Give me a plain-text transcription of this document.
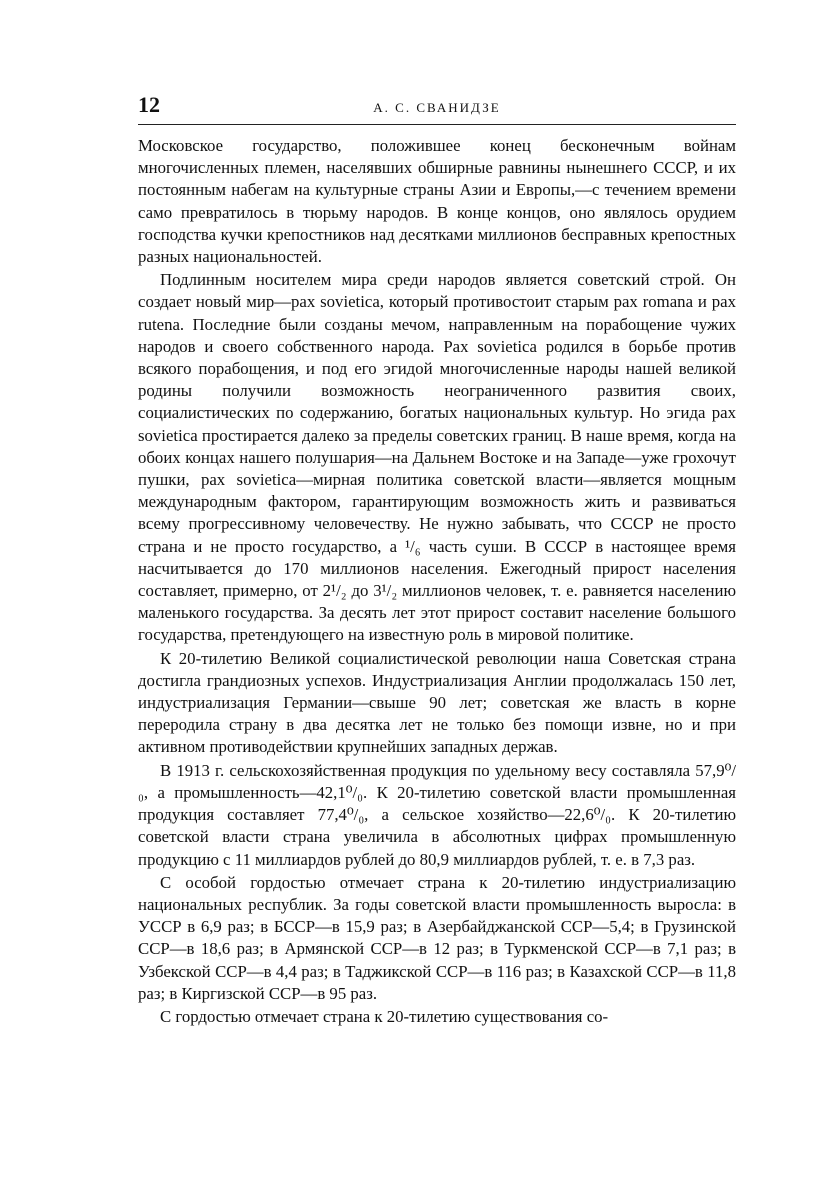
12	А. С. СВАНИДЗЕ

Московское государство, положившее конец бесконечным войнам многочисленных племен, населявших обширные равнины нынешнего СССР, и их постоянным набегам на культурные страны Азии и Европы,—с течением времени само превратилось в тюрьму народов. В конце концов, оно являлось орудием господства кучки крепостников над десятками миллионов бесправных крепостных разных национальностей.

Подлинным носителем мира среди народов является советский строй. Он создает новый мир—pax sovietica, который противостоит старым pax romana и pax rutena. Последние были созданы мечом, направленным на порабощение чужих народов и своего собственного народа. Pax sovietica родился в борьбе против всякого порабощения, и под его эгидой многочисленные народы нашей великой родины получили возможность неограниченного развития своих, социалистических по содержанию, богатых национальных культур. Но эгида pax sovietica простирается далеко за пределы советских границ. В наше время, когда на обоих концах нашего полушария—на Дальнем Востоке и на Западе—уже грохочут пушки, pax sovietica—мирная политика советской власти—является мощным международным фактором, гарантирующим возможность жить и развиваться всему прогрессивному человечеству. Не нужно забывать, что СССР не просто страна и не просто государство, а ¹/₆ часть суши. В СССР в настоящее время насчитывается до 170 миллионов населения. Ежегодный прирост населения составляет, примерно, от 2¹/₂ до 3¹/₂ миллионов человек, т. е. равняется населению маленького государства. За десять лет этот прирост составит население большого государства, претендующего на известную роль в мировой политике.

К 20-тилетию Великой социалистической революции наша Советская страна достигла грандиозных успехов. Индустриализация Англии продолжалась 150 лет, индустриализация Германии—свыше 90 лет; советская же власть в корне переродила страну в два десятка лет не только без помощи извне, но и при активном противодействии крупнейших западных держав.

В 1913 г. сельскохозяйственная продукция по удельному весу составляла 57,9⁰/₀, а промышленность—42,1⁰/₀. К 20-тилетию советской власти промышленная продукция составляет 77,4⁰/₀, а сельское хозяйство—22,6⁰/₀. К 20-тилетию советской власти страна увеличила в абсолютных цифрах промышленную продукцию с 11 миллиардов рублей до 80,9 миллиардов рублей, т. е. в 7,3 раз.

С особой гордостью отмечает страна к 20-тилетию индустриализацию национальных республик. За годы советской власти промышленность выросла: в УССР в 6,9 раз; в БССР—в 15,9 раз; в Азербайджанской ССР—5,4; в Грузинской ССР—в 18,6 раз; в Армянской ССР—в 12 раз; в Туркменской ССР—в 7,1 раз; в Узбекской ССР—в 4,4 раз; в Таджикской ССР—в 116 раз; в Казахской ССР—в 11,8 раз; в Киргизской ССР—в 95 раз.

С гордостью отмечает страна к 20-тилетию существования со-
